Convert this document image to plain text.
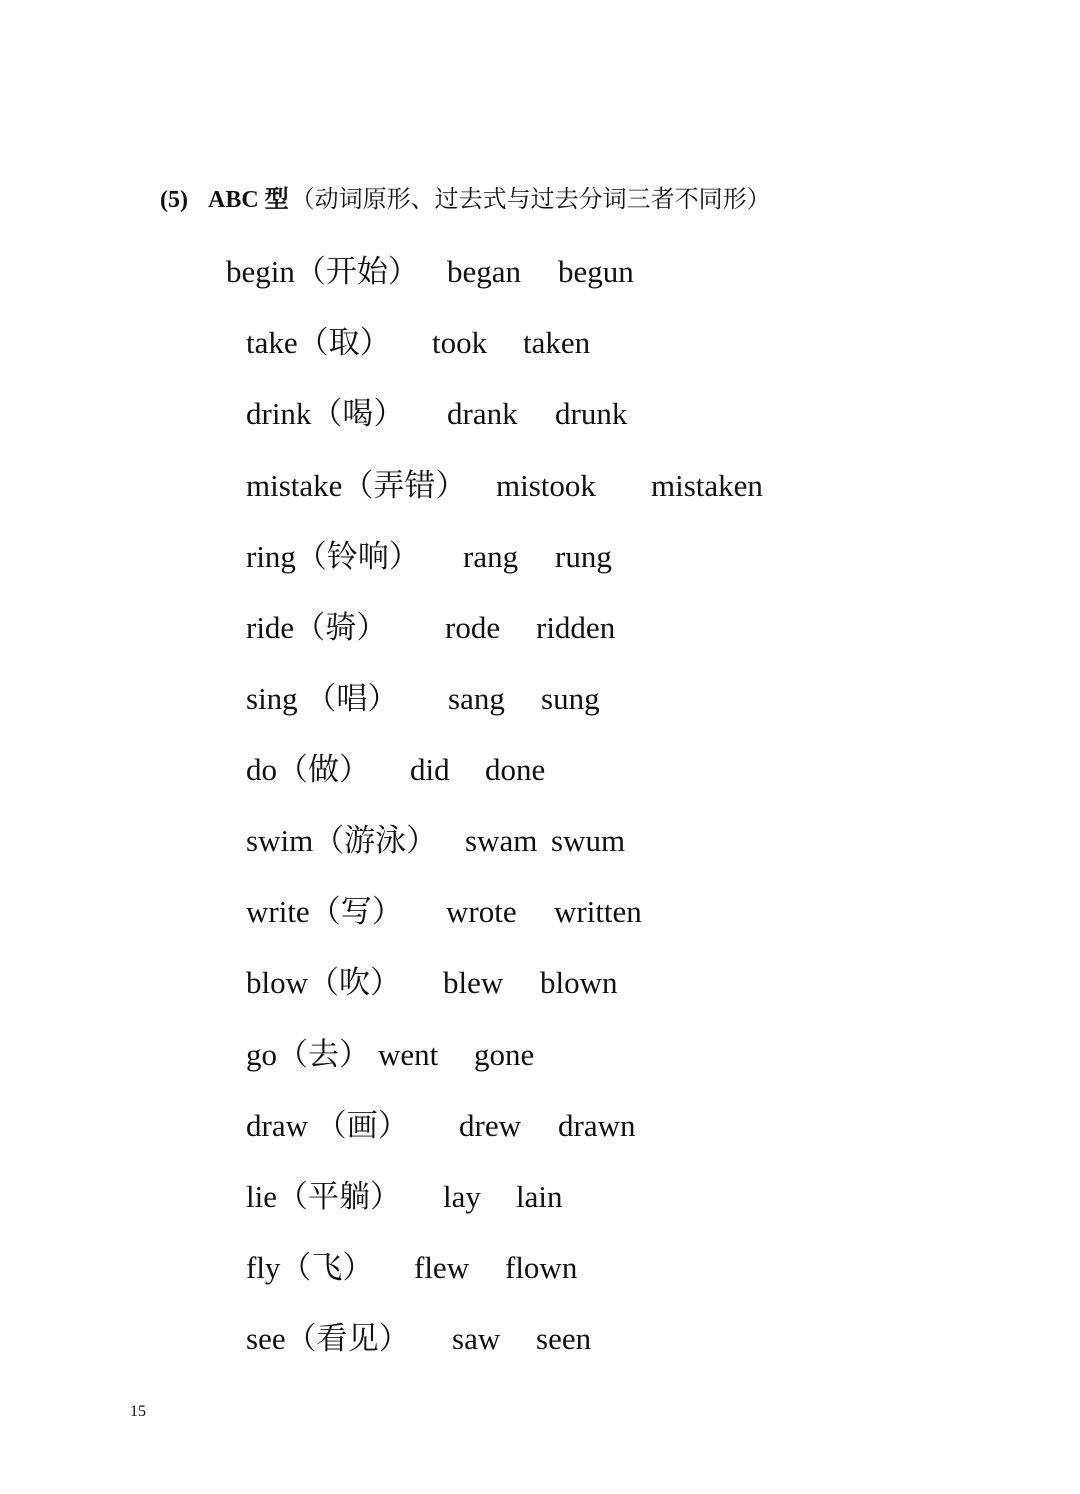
(5) ABC 型（动词原形、过去式与过去分词三者不同形）
begin（开始） began begun
take（取） took taken
drink（喝） drank drunk
mistake（弄错） mistook mistaken
ring（铃响） rang rung
ride（骑） rode ridden
sing （唱） sang sung
do（做） did done
swim（游泳） swam swum
write（写） wrote written
blow（吹） blew blown
go（去） went gone
draw （画） drew drawn
lie（平躺） lay lain
fly（飞） flew flown
see（看见） saw seen
15
